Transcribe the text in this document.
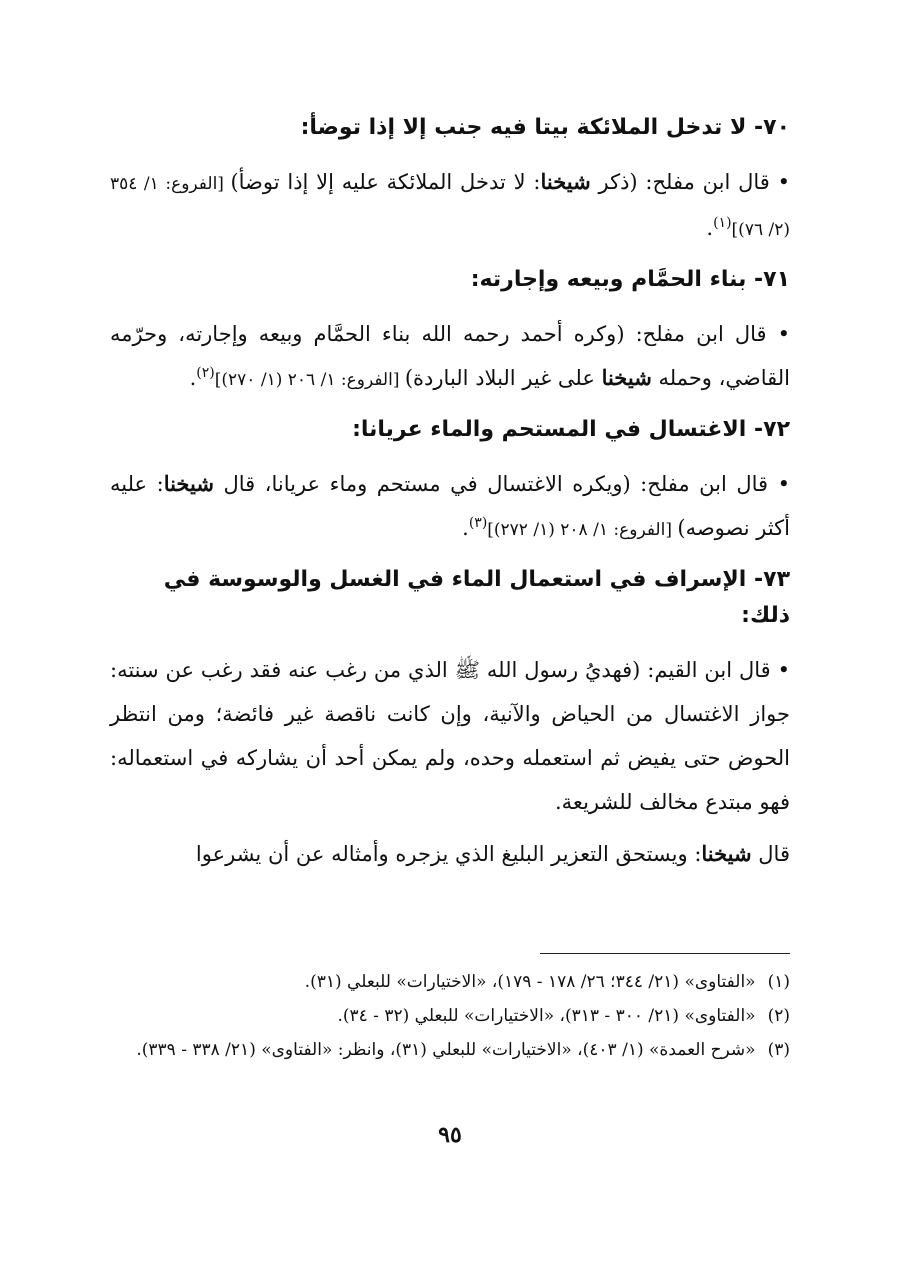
٧٠- لا تدخل الملائكة بيتا فيه جنب إلا إذا توضأ:

• قال ابن مفلح: (ذكر شيخنا: لا تدخل الملائكة عليه إلا إذا توضأ) [الفروع: ١/ ٣٥٤ (٢/ ٧٦)]$^{(١)}$.

٧١- بناء الحمَّام وبيعه وإجارته:

• قال ابن مفلح: (وكره أحمد رحمه الله بناء الحمَّام وبيعه وإجارته، وحرّمه القاضي، وحمله شيخنا على غير البلاد الباردة) [الفروع: ١/ ٢٠٦ (١/ ٢٧٠)]$^{(٢)}$.

٧٢- الاغتسال في المستحم والماء عريانا:

• قال ابن مفلح: (ويكره الاغتسال في مستحم وماء عريانا، قال شيخنا: عليه أكثر نصوصه) [الفروع: ١/ ٢٠٨ (١/ ٢٧٢)]$^{(٣)}$.

٧٣- الإسراف في استعمال الماء في الغسل والوسوسة في ذلك:

• قال ابن القيم: (فهديُ رسول الله ﷺ الذي من رغب عنه فقد رغب عن سنته: جواز الاغتسال من الحياض والآنية، وإن كانت ناقصة غير فائضة؛ ومن انتظر الحوض حتى يفيض ثم استعمله وحده، ولم يمكن أحد أن يشاركه في استعماله: فهو مبتدع مخالف للشريعة.

قال شيخنا: ويستحق التعزير البليغ الذي يزجره وأمثاله عن أن يشرعوا

(١)
«الفتاوى» (٢١/ ٣٤٤؛ ٢٦/ ١٧٨ - ١٧٩)، «الاختيارات» للبعلي (٣١).
(٢)
«الفتاوى» (٢١/ ٣٠٠ - ٣١٣)، «الاختيارات» للبعلي (٣٢ - ٣٤).
(٣)
«شرح العمدة» (١/ ٤٠٣)، «الاختيارات» للبعلي (٣١)، وانظر: «الفتاوى» (٢١/ ٣٣٨ - ٣٣٩).
٩٥
